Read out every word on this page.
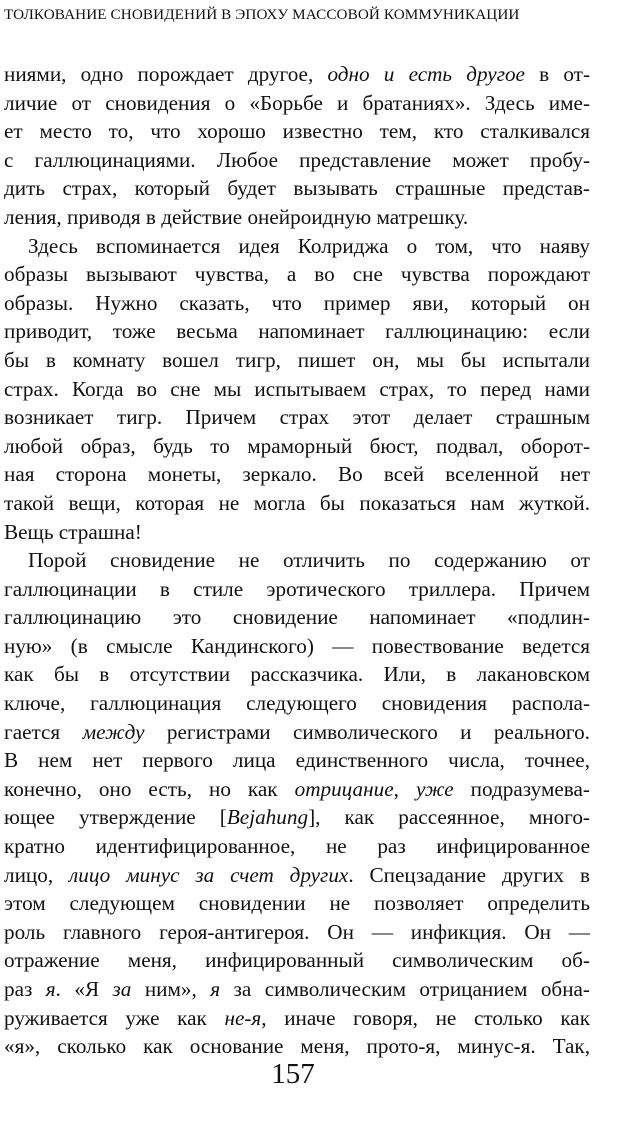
ТОЛКОВАНИЕ СНОВИДЕНИЙ В ЭПОХУ МАССОВОЙ КОММУНИКАЦИИ
ниями, одно порождает другое, одно и есть другое в от-
личие от сновидения о «Борьбе и братаниях». Здесь име-
ет место то, что хорошо известно тем, кто сталкивался
с галлюцинациями. Любое представление может пробу-
дить страх, который будет вызывать страшные представ-
ления, приводя в действие онейроидную матрешку.
Здесь вспоминается идея Колриджа о том, что наяву
образы вызывают чувства, а во сне чувства порождают
образы. Нужно сказать, что пример яви, который он
приводит, тоже весьма напоминает галлюцинацию: если
бы в комнату вошел тигр, пишет он, мы бы испытали
страх. Когда во сне мы испытываем страх, то перед нами
возникает тигр. Причем страх этот делает страшным
любой образ, будь то мраморный бюст, подвал, оборот-
ная сторона монеты, зеркало. Во всей вселенной нет
такой вещи, которая не могла бы показаться нам жуткой.
Вещь страшна!
Порой сновидение не отличить по содержанию от
галлюцинации в стиле эротического триллера. Причем
галлюцинацию это сновидение напоминает «подлин-
ную» (в смысле Кандинского) — повествование ведется
как бы в отсутствии рассказчика. Или, в лакановском
ключе, галлюцинация следующего сновидения распола-
гается между регистрами символического и реального.
В нем нет первого лица единственного числа, точнее,
конечно, оно есть, но как отрицание, уже подразумева-
ющее утверждение [Bejahung], как рассеянное, много-
кратно идентифицированное, не раз инфицированное
лицо, лицо минус за счет других. Спецзадание других в
этом следующем сновидении не позволяет определить
роль главного героя-антигероя. Он — инфикция. Он —
отражение меня, инфицированный символическим об-
раз я. «Я за ним», я за символическим отрицанием обна-
руживается уже как не-я, иначе говоря, не столько как
«я», сколько как основание меня, прото-я, минус-я. Так,
157
